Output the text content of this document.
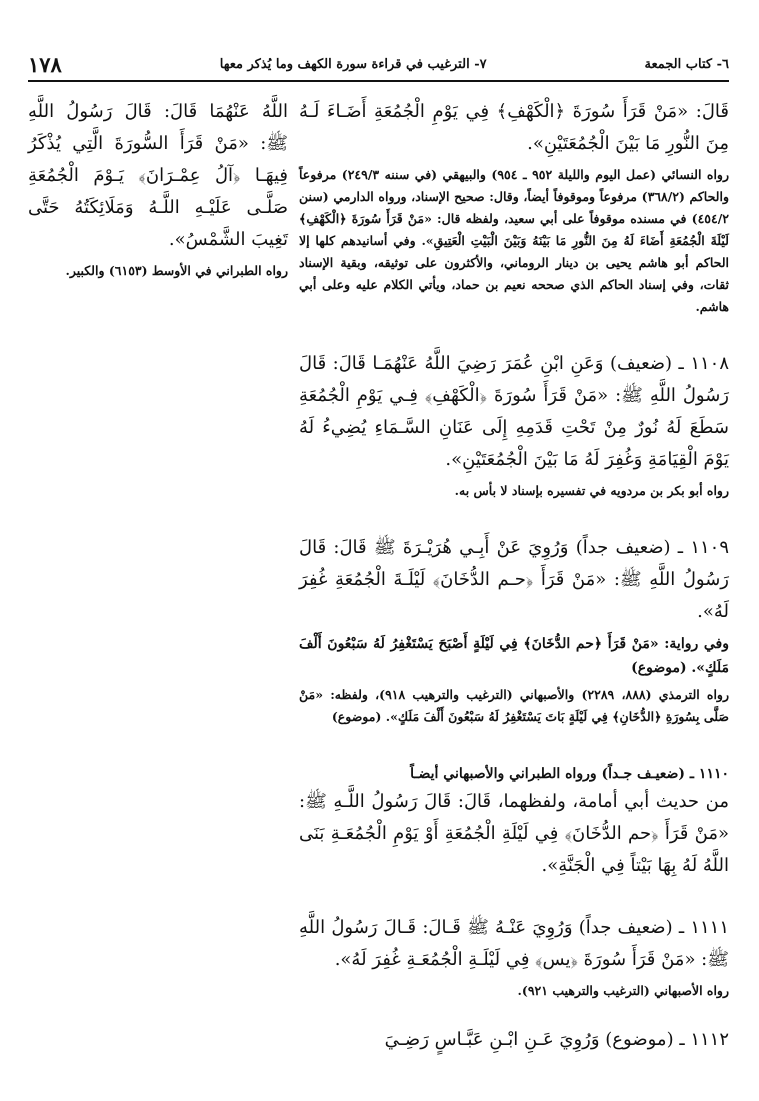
٦- كتاب الجمعة
٧- الترغيب في قراءة سورة الكهف وما يُذكر معها
١٧٨

قَالَ: «مَنْ قَرَأَ سُورَةَ ﴿الْكَهْفِ﴾ فِي يَوْمِ الْجُمُعَةِ أَضَـاءَ لَـهُ مِنَ النُّورِ مَا بَيْنَ الْجُمُعَتَيْنِ».

رواه النسائي (عمل اليوم والليلة ٩٥٢ ـ ٩٥٤) والبيهقي (في سننه ٢٤٩/٣) مرفوعاً والحاكم (٣٦٨/٢) مرفوعاً وموقوفاً أيضاً، وقال: صحيح الإسناد، ورواه الدارمي (سنن ٤٥٤/٢) في مسنده موقوفاً على أبي سعيد، ولفظه قال: «مَنْ قَرَأَ سُورَةَ ﴿الْكَهْفِ﴾ لَيْلَةَ الْجُمُعَةِ أَضَاءَ لَهُ مِنَ النُّورِ مَا بَيْنَهُ وَبَيْنَ الْبَيْتِ الْعَتِيقِ». وفي أسانيدهم كلها إلا الحاكم أبو هاشم يحيى بن دينار الروماني، والأكثرون على توثيقه، وبقية الإسناد ثقات، وفي إسناد الحاكم الذي صححه نعيم بن حماد، ويأتي الكلام عليه وعلى أبي هاشم.

١١٠٨ ـ (ضعيف) وَعَنِ ابْنِ عُمَرَ رَضِيَ اللَّهُ عَنْهُمَـا قَالَ: قَالَ رَسُولُ اللَّهِ ﷺ: «مَنْ قَرَأَ سُورَةَ ﴿الْكَهْفِ﴾ فِـي يَوْمِ الْجُمُعَةِ سَطَعَ لَهُ نُورٌ مِنْ تَحْتِ قَدَمِهِ إِلَى عَنَانِ السَّـمَاءِ يُضِيءُ لَهُ يَوْمَ الْقِيَامَةِ وَغُفِرَ لَهُ مَا بَيْنَ الْجُمُعَتَيْنِ».

رواه أبو بكر بن مردويه في تفسيره بإسناد لا بأس به.

١١٠٩ ـ (ضعيف جداً) وَرُوِيَ عَنْ أَبِـي هُرَيْـرَةَ ﷺ قَالَ: قَالَ رَسُولُ اللَّهِ ﷺ: «مَنْ قَرَأَ ﴿حـم الدُّخَانَ﴾ لَيْلَـةَ الْجُمُعَةِ غُفِرَ لَهُ».

وفي رواية: «مَنْ قَرَأَ ﴿حم الدُّخَانَ﴾ فِي لَيْلَةٍ أَصْبَحَ يَسْتَغْفِرُ لَهُ سَبْعُونَ أَلْفَ مَلَكٍ». (موضوع)

رواه الترمذي (٨٨٨، ٢٢٨٩) والأصبهاني (الترغيب والترهيب ٩١٨)، ولفظه: «مَنْ صَلَّى بِسُورَةِ ﴿الدُّخَانِ﴾ فِي لَيْلَةٍ بَاتَ يَسْتَغْفِرُ لَهُ سَبْعُونَ أَلْفَ مَلَكٍ». (موضوع)

١١١٠ ـ (ضعيـف جـداً) ورواه الطبراني والأصبهاني أيضـاً

من حديث أبي أمامة، ولفظهما، قَالَ: قَالَ رَسُولُ اللَّـهِ ﷺ: «مَنْ قَرَأَ ﴿حم الدُّخَانَ﴾ فِي لَيْلَةِ الْجُمُعَةِ أَوْ يَوْمِ الْجُمُعَـةِ بَنَى اللَّهُ لَهُ بِهَا بَيْتاً فِي الْجَنَّةِ».

١١١١ ـ (ضعيف جداً) وَرُوِيَ عَنْـهُ ﷺ قَـالَ: قَـالَ رَسُولُ اللَّهِ ﷺ: «مَنْ قَرَأَ سُورَةَ ﴿يس﴾ فِي لَيْلَـةِ الْجُمُعَـةِ غُفِرَ لَهُ».

رواه الأصبهاني (الترغيب والترهيب ٩٢١).

١١١٢ ـ (موضوع) وَرُوِيَ عَـنِ ابْـنِ عَبَّـاسٍ رَضِـيَ

اللَّهُ عَنْهُمَا قَالَ: قَالَ رَسُولُ اللَّهِ ﷺ: «مَنْ قَرَأَ السُّورَةَ الَّتِي يُذْكَرُ فِيهَـا ﴿آلُ عِمْـرَانَ﴾ يَـوْمَ الْجُمُعَةِ صَلَّـى عَلَيْـهِ اللَّـهُ وَمَلَائِكَتُهُ حَتَّى تَغِيبَ الشَّمْسُ».

رواه الطبراني في الأوسط (٦١٥٣) والكبير.
